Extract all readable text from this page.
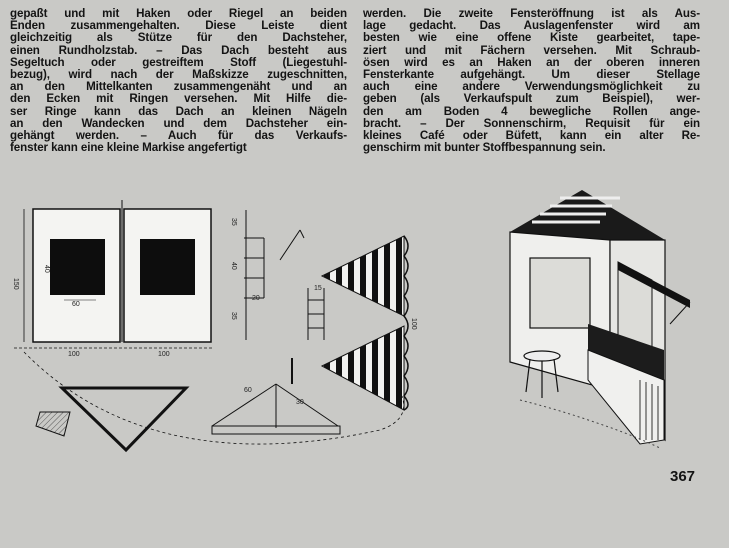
gepaßt und mit Haken oder Riegel an beiden
Enden zusammengehalten. Diese Leiste dient
gleichzeitig als Stütze für den Dachsteher,
einen Rundholzstab. – Das Dach besteht aus
Segeltuch oder gestreiftem Stoff (Liegestuhl-
bezug), wird nach der Maßskizze zugeschnitten,
an den Mittelkanten zusammengenäht und an
den Ecken mit Ringen versehen. Mit Hilfe die-
ser Ringe kann das Dach an kleinen Nägeln
an den Wandecken und dem Dachsteher ein-
gehängt werden. – Auch für das Verkaufs-
fenster kann eine kleine Markise angefertigt
werden. Die zweite Fensteröffnung ist als Aus-
lage gedacht. Das Auslagenfenster wird am
besten wie eine offene Kiste gearbeitet, tape-
ziert und mit Fächern versehen. Mit Schraub-
ösen wird es an Haken an der oberen inneren
Fensterkante aufgehängt. Um dieser Stellage
auch eine andere Verwendungsmöglichkeit zu
geben (als Verkaufspult zum Beispiel), wer-
den am Boden 4 bewegliche Rollen ange-
bracht. – Der Sonnenschirm, Requisit für ein
kleines Café oder Büfett, kann ein alter Re-
genschirm mit bunter Stoffbespannung sein.
150
40
60
100	100
35
40
20
35
15
100
60
30
367
